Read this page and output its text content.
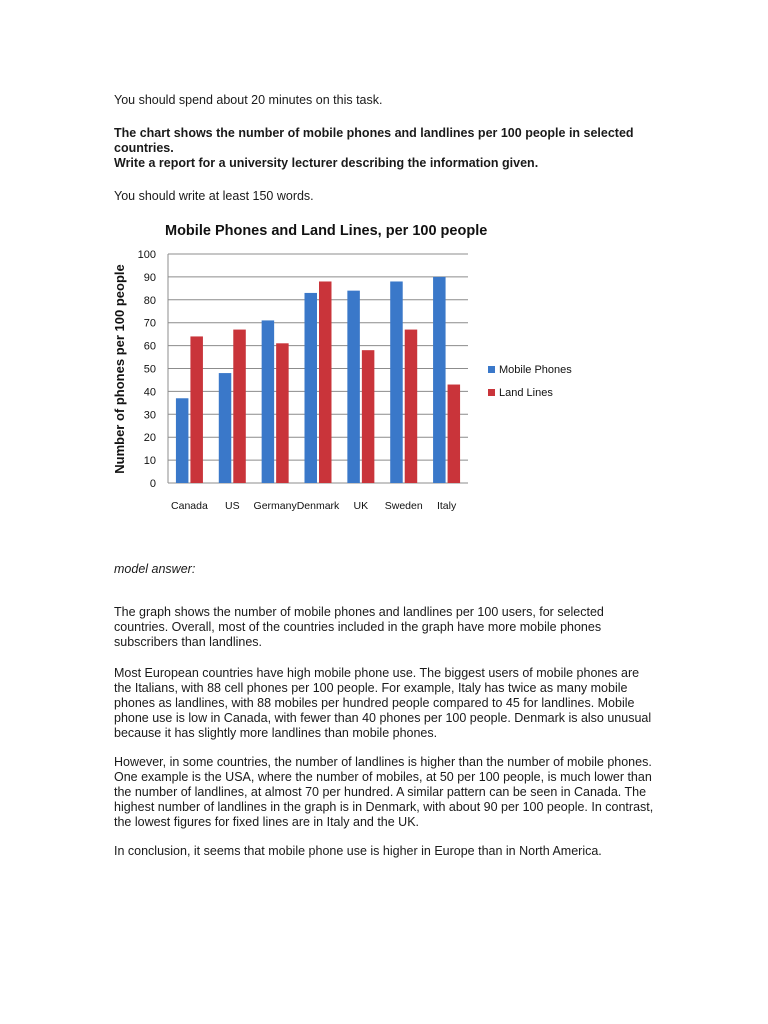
You should spend about 20 minutes on this task.

The chart shows the number of mobile phones and landlines per 100 people in selected countries.
Write a report for a university lecturer describing the information given.

You should write at least 150 words.

Mobile Phones and Land Lines, per 100 people
0
10
20
30
40
50
60
70
80
90
100
Number of phones per 100 people
Canada US Germany Denmark UK Sweden Italy
Mobile Phones
Land Lines

model answer:

The graph shows the number of mobile phones and landlines per 100 users, for selected countries. Overall, most of the countries included in the graph have more mobile phones subscribers than landlines.

Most European countries have high mobile phone use. The biggest users of mobile phones are the Italians, with 88 cell phones per 100 people. For example, Italy has twice as many mobile phones as landlines, with 88 mobiles per hundred people compared to 45 for landlines. Mobile phone use is low in Canada, with fewer than 40 phones per 100 people. Denmark is also unusual because it has slightly more landlines than mobile phones.

However, in some countries, the number of landlines is higher than the number of mobile phones. One example is the USA, where the number of mobiles, at 50 per 100 people, is much lower than the number of landlines, at almost 70 per hundred. A similar pattern can be seen in Canada. The highest number of landlines in the graph is in Denmark, with about 90 per 100 people. In contrast, the lowest figures for fixed lines are in Italy and the UK.

In conclusion, it seems that mobile phone use is higher in Europe than in North America.
